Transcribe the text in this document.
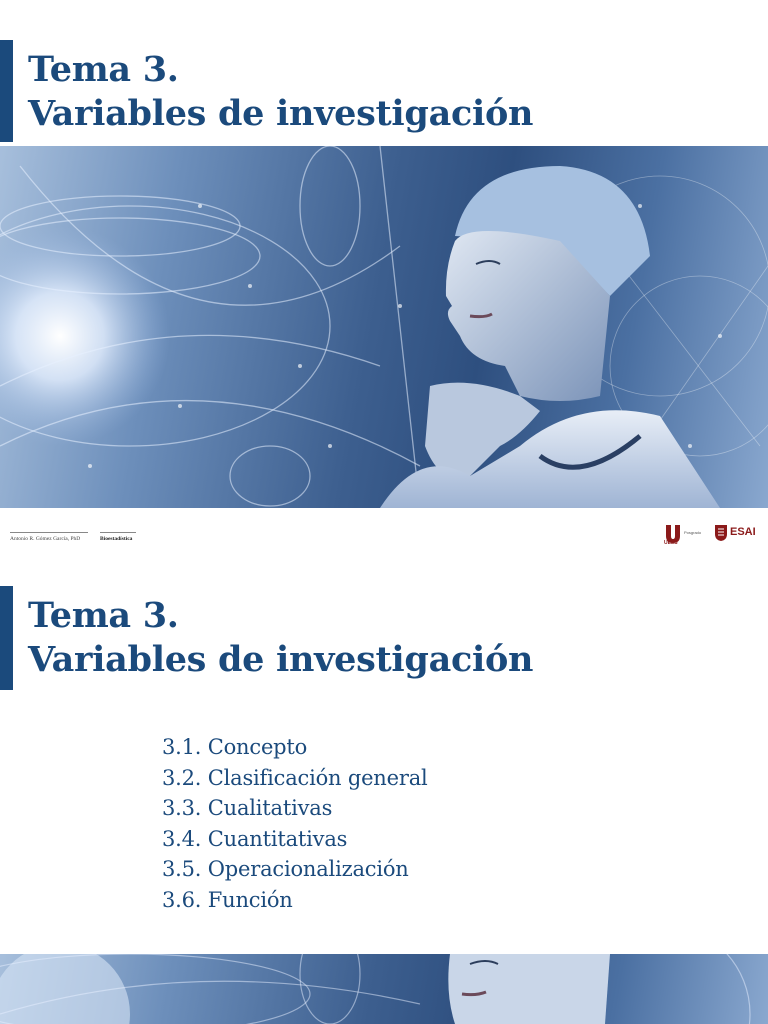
Tema 3.
Variables de investigación
Antonio R. Gómez García, PhD	Bioestadística
UEES
Posgrado	ESAI
Tema 3.
Variables de investigación
3.1. Concepto
3.2. Clasificación general
3.3. Cualitativas
3.4. Cuantitativas
3.5. Operacionalización
3.6. Función
